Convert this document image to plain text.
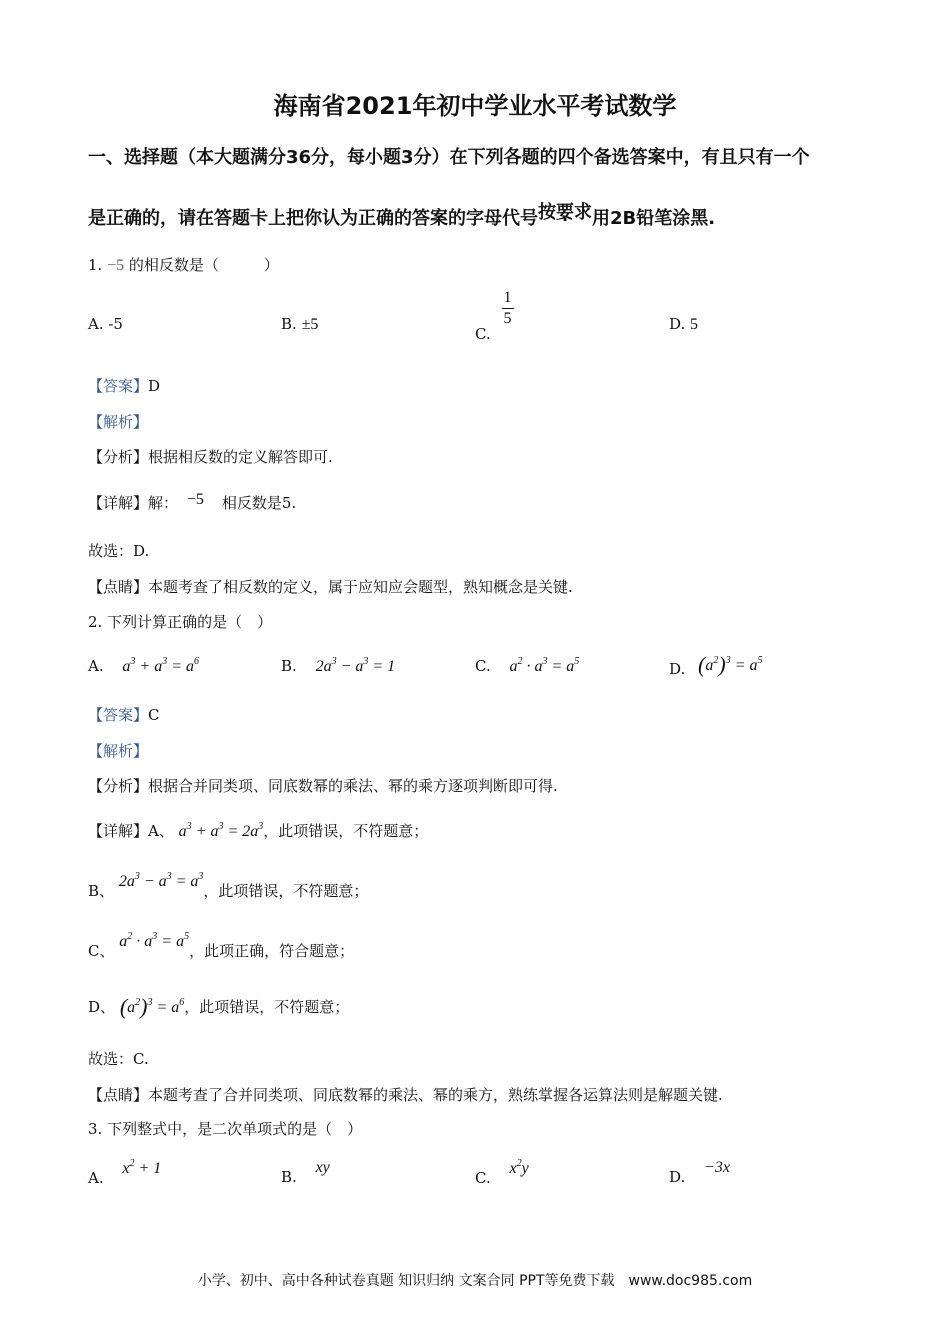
海南省2021年初中学业水平考试数学
一、选择题（本大题满分36分，每小题3分）在下列各题的四个备选答案中，有且只有一个
是正确的，请在答题卡上把你认为正确的答案的字母代号按要求用2B铅笔涂黑.
1. −5 的相反数是（　　　）
A. -5	B. ±5	C.
$\frac{1}{5}$	D. 5
【答案】D
【解析】
【分析】根据相反数的定义解答即可.
【详解】解： −5 相反数是5.
故选：D.
【点睛】本题考查了相反数的定义，属于应知应会题型，熟知概念是关键.
2. 下列计算正确的是（　）
A. $a^3 + a^3 = a^6$	B. $2a^3 - a^3 = 1$	C. $a^2 \cdot a^3 = a^5$	D. $(a^2)^3 = a^5$
【答案】C
【解析】
【分析】根据合并同类项、同底数幂的乘法、幂的乘方逐项判断即可得.
【详解】A、 $a^3 + a^3 = 2a^3$，此项错误，不符题意；
B、 $2a^3 - a^3 = a^3$，此项错误，不符题意；
C、 $a^2 \cdot a^3 = a^5$，此项正确，符合题意；
D、 $(a^2)^3 = a^6$，此项错误，不符题意；
故选：C.
【点睛】本题考查了合并同类项、同底数幂的乘法、幂的乘方，熟练掌握各运算法则是解题关键.
3. 下列整式中，是二次单项式的是（　）
A. $x^2 + 1$	B. xy
C. $x^2y$	D. −3x
小学、初中、高中各种试卷真题 知识归纳 文案合同 PPT等免费下载　www.doc985.com
